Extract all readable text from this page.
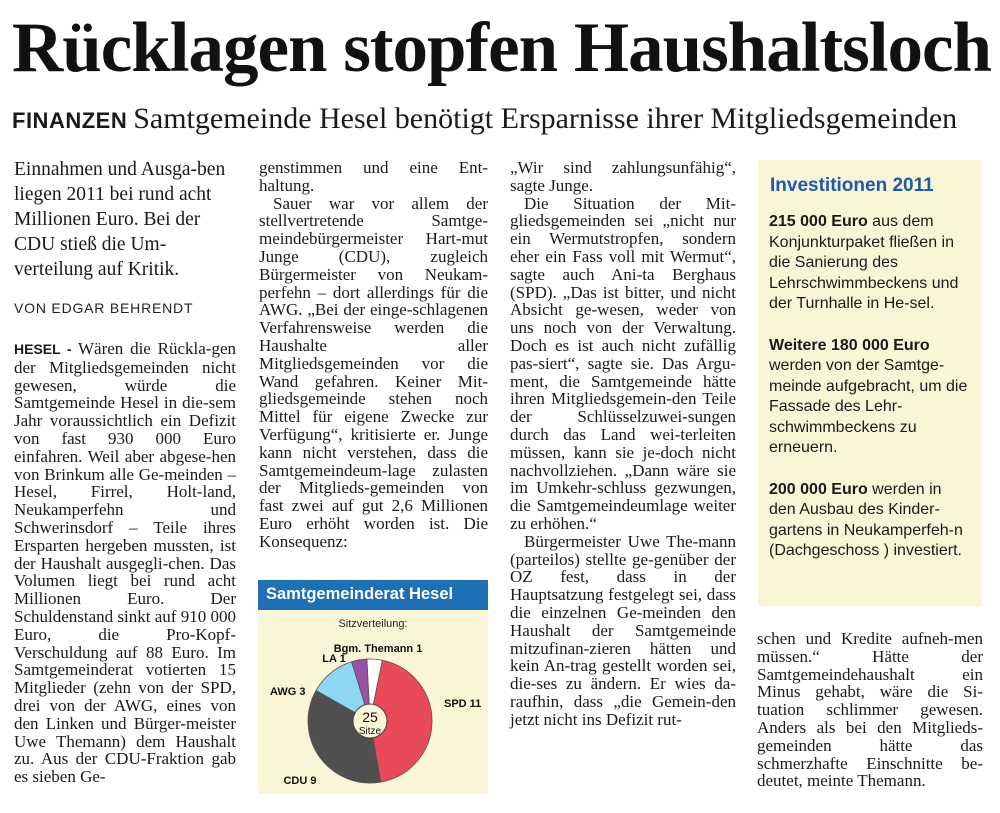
Rücklagen stopfen Haushaltsloch
FINANZEN Samtgemeinde Hesel benötigt Ersparnisse ihrer Mitgliedsgemeinden
Einnahmen und Ausga-ben liegen 2011 bei rund acht Millionen Euro. Bei der CDU stieß die Um-verteilung auf Kritik.
VON EDGAR BEHRENDT

HESEL - Wären die Rückla-gen der Mitgliedsgemeinden nicht gewesen, würde die Samtgemeinde Hesel in die-sem Jahr voraussichtlich ein Defizit von fast 930 000 Euro einfahren. Weil aber abgese-hen von Brinkum alle Ge-meinden – Hesel, Firrel, Holt-land, Neukamperfehn und Schwerinsdorf – Teile ihres Ersparten hergeben mussten, ist der Haushalt ausgegli-chen. Das Volumen liegt bei rund acht Millionen Euro. Der Schuldenstand sinkt auf 910 000 Euro, die Pro-Kopf-Verschuldung auf 88 Euro. Im Samtgemeinderat votierten 15 Mitglieder (zehn von der SPD, drei von der AWG, eines von den Linken und Bürger-meister Uwe Themann) dem Haushalt zu. Aus der CDU-Fraktion gab es sieben Ge-

genstimmen und eine Ent-haltung.

Sauer war vor allem der stellvertretende Samtge-meindebürgermeister Hart-mut Junge (CDU), zugleich Bürgermeister von Neukam-perfehn – dort allerdings für die AWG. „Bei der einge-schlagenen Verfahrensweise werden die Haushalte aller Mitgliedsgemeinden vor die Wand gefahren. Keiner Mit-gliedsgemeinde stehen noch Mittel für eigene Zwecke zur Verfügung“, kritisierte er. Junge kann nicht verstehen, dass die Samtgemeindeum-lage zulasten der Mitglieds-gemeinden von fast zwei auf gut 2,6 Millionen Euro erhöht worden ist. Die Konsequenz:

„Wir sind zahlungsunfähig“, sagte Junge.

Die Situation der Mit-gliedsgemeinden sei „nicht nur ein Wermutstropfen, sondern eher ein Fass voll mit Wermut“, sagte auch Ani-ta Berghaus (SPD). „Das ist bitter, und nicht Absicht ge-wesen, weder von uns noch von der Verwaltung. Doch es ist auch nicht zufällig pas-siert“, sagte sie. Das Argu-ment, die Samtgemeinde hätte ihren Mitgliedsgemein-den Teile der Schlüsselzuwei-sungen durch das Land wei-terleiten müssen, kann sie je-doch nicht nachvollziehen. „Dann wäre sie im Umkehr-schluss gezwungen, die Samtgemeindeumlage weiter zu erhöhen.“

Bürgermeister Uwe The-mann (parteilos) stellte ge-genüber der OZ fest, dass in der Hauptsatzung festgelegt sei, dass die einzelnen Ge-meinden den Haushalt der Samtgemeinde mitzufinan-zieren hätten und kein An-trag gestellt worden sei, die-ses zu ändern. Er wies da-raufhin, dass „die Gemein-den jetzt nicht ins Defizit rut-

schen und Kredite aufneh-men müssen.“ Hätte der Samtgemeindehaushalt ein Minus gehabt, wäre die Si-tuation schlimmer gewesen. Anders als bei den Mitglieds-gemeinden hätte das schmerzhafte Einschnitte be-deutet, meinte Themann.

Investitionen 2011

215 000 Euro aus dem Konjunkturpaket fließen in die Sanierung des Lehrschwimmbeckens und der Turnhalle in He-sel.

Weitere 180 000 Euro werden von der Samtge-meinde aufgebracht, um die Fassade des Lehr-schwimmbeckens zu erneuern.

200 000 Euro werden in den Ausbau des Kinder-gartens in Neukamperfeh-n (Dachgeschoss ) investiert.

Samtgemeinderat Hesel
Sitzverteilung:
Bgm. Themann 1
SPD 11
CDU 9
AWG 3
LA 1
25
Sitze
